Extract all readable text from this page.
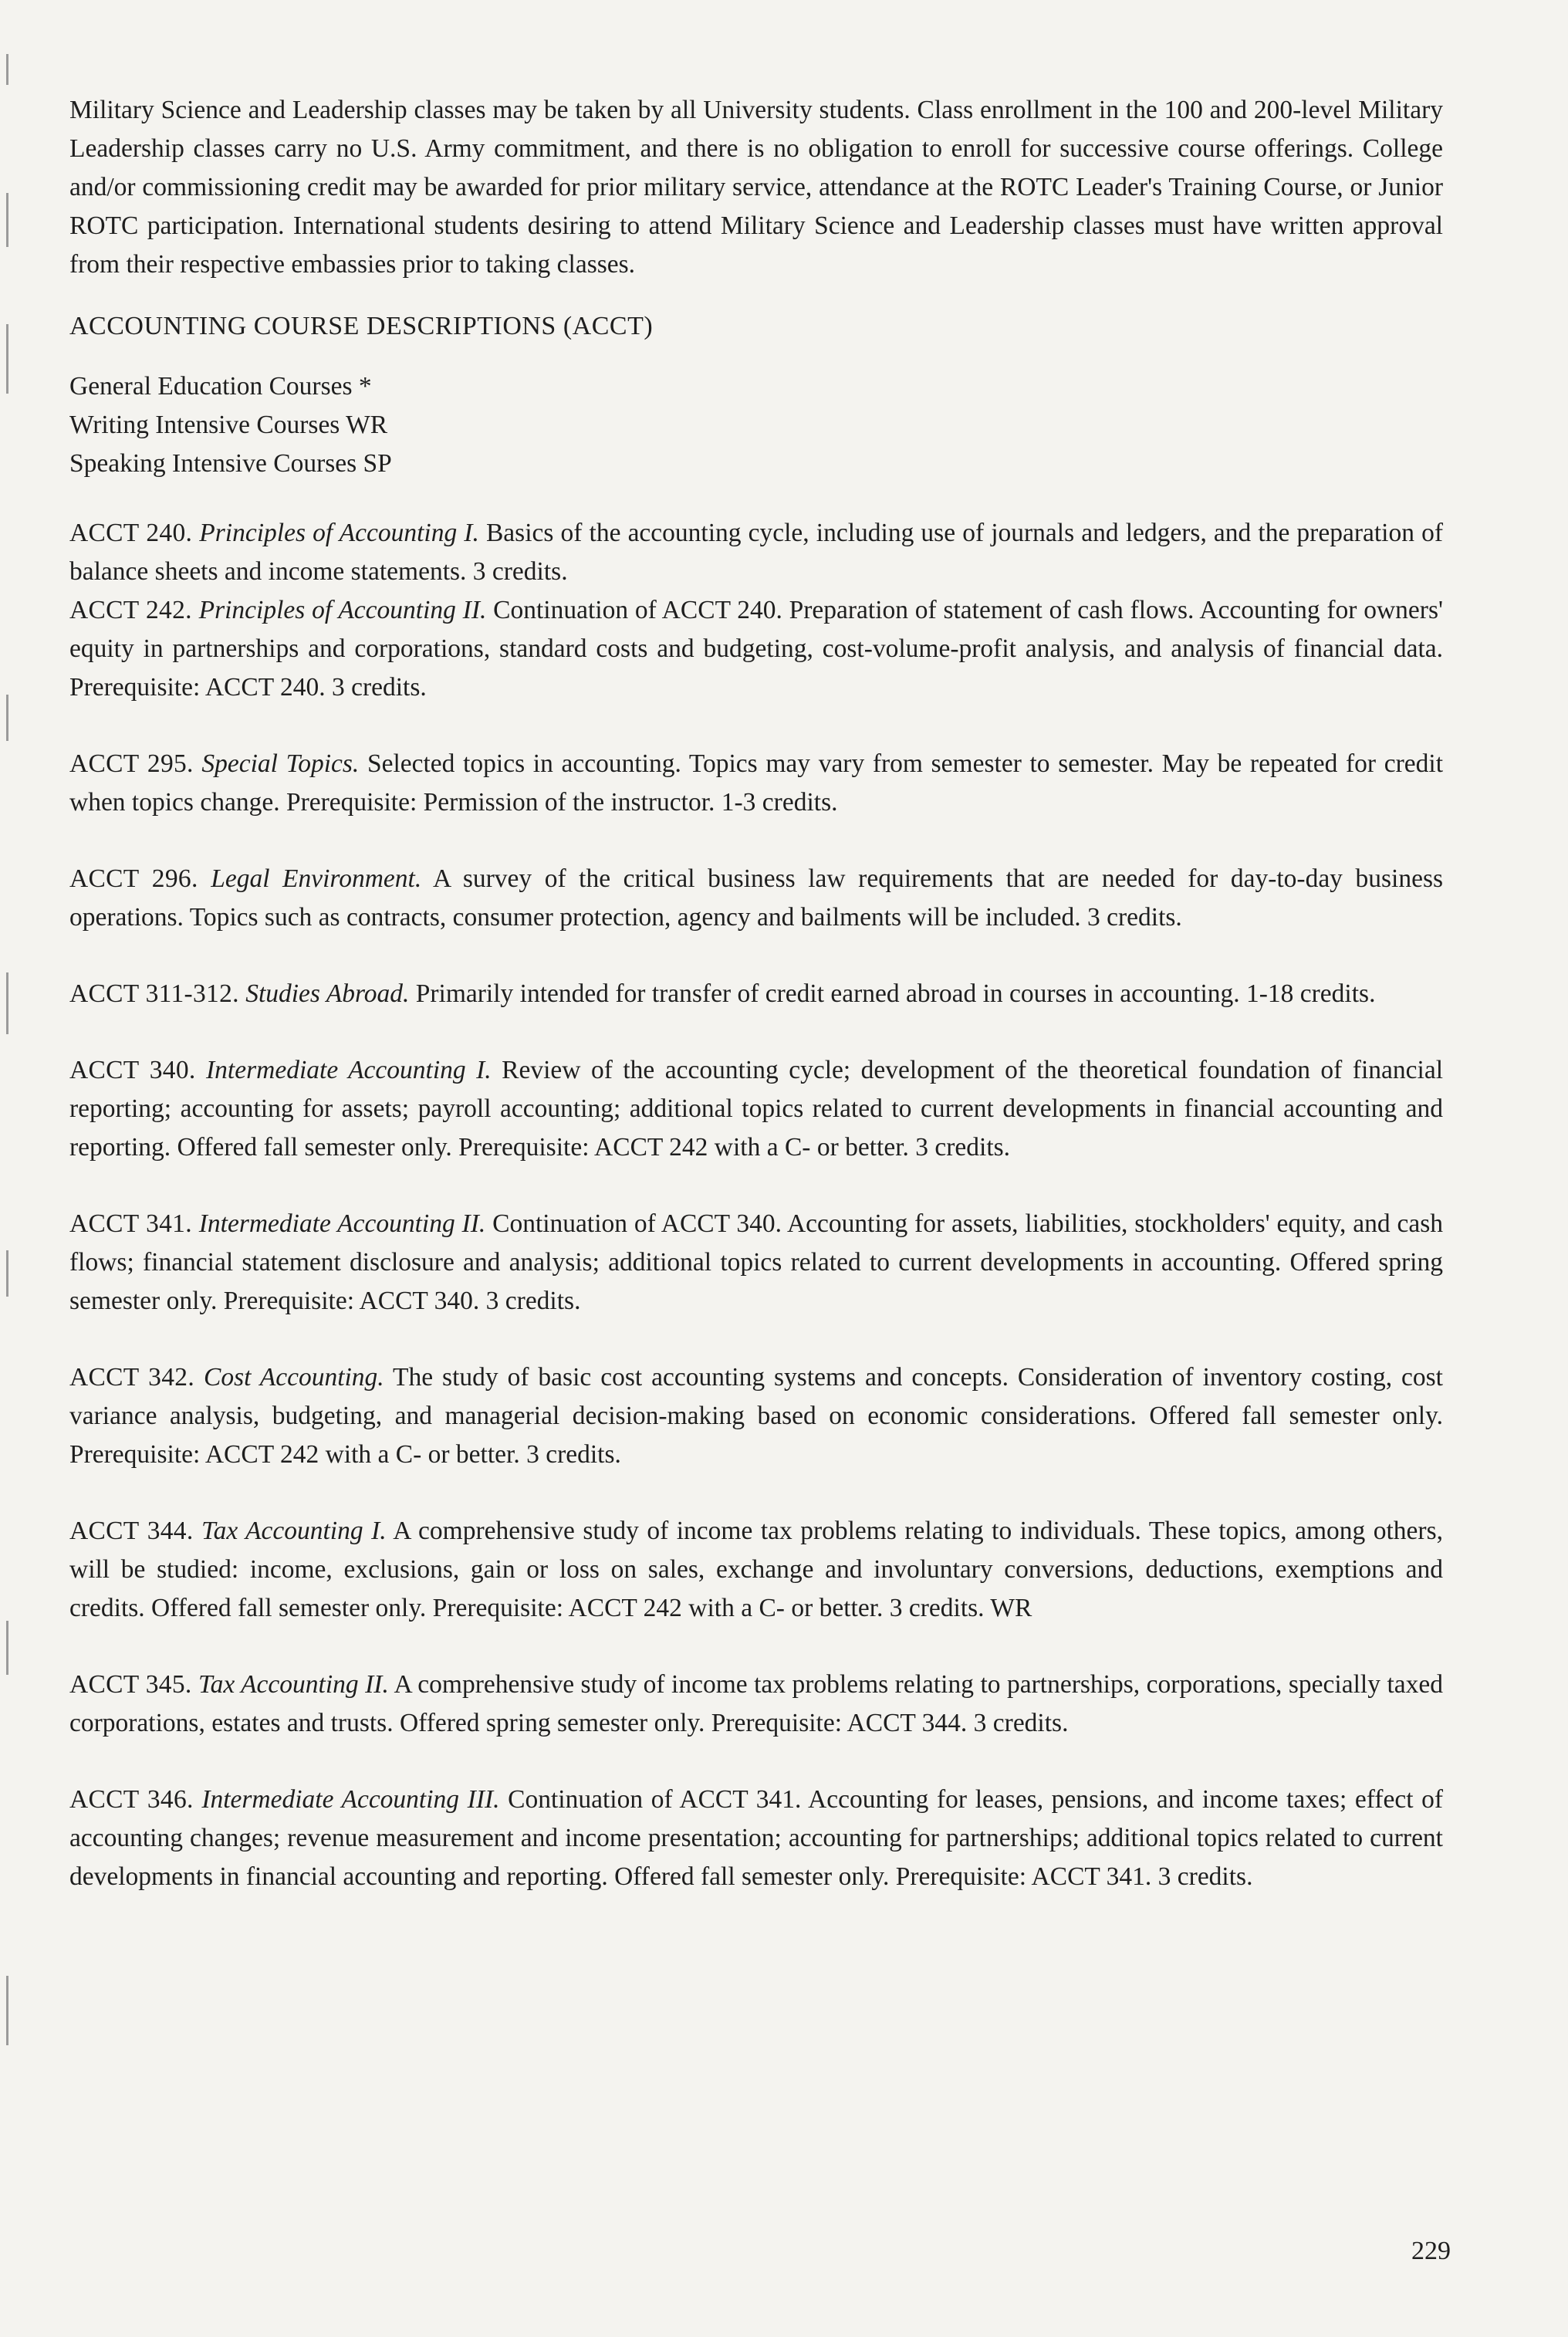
Military Science and Leadership classes may be taken by all University students. Class enrollment in the 100 and 200-level Military Leadership classes carry no U.S. Army commitment, and there is no obligation to enroll for successive course offerings. College and/or commissioning credit may be awarded for prior military service, attendance at the ROTC Leader's Training Course, or Junior ROTC participation. International students desiring to attend Military Science and Leadership classes must have written approval from their respective embassies prior to taking classes.

ACCOUNTING COURSE DESCRIPTIONS (ACCT)
General Education Courses *
Writing Intensive Courses WR
Speaking Intensive Courses SP

ACCT 240. Principles of Accounting I. Basics of the accounting cycle, including use of journals and ledgers, and the preparation of balance sheets and income statements. 3 credits.

ACCT 242. Principles of Accounting II. Continuation of ACCT 240. Preparation of statement of cash flows. Accounting for owners' equity in partnerships and corporations, standard costs and budgeting, cost-volume-profit analysis, and analysis of financial data. Prerequisite: ACCT 240. 3 credits.

ACCT 295. Special Topics. Selected topics in accounting. Topics may vary from semester to semester. May be repeated for credit when topics change. Prerequisite: Permission of the instructor. 1-3 credits.

ACCT 296. Legal Environment. A survey of the critical business law requirements that are needed for day-to-day business operations. Topics such as contracts, consumer protection, agency and bailments will be included. 3 credits.

ACCT 311-312. Studies Abroad. Primarily intended for transfer of credit earned abroad in courses in accounting. 1-18 credits.

ACCT 340. Intermediate Accounting I. Review of the accounting cycle; development of the theoretical foundation of financial reporting; accounting for assets; payroll accounting; additional topics related to current developments in financial accounting and reporting. Offered fall semester only. Prerequisite: ACCT 242 with a C- or better. 3 credits.

ACCT 341. Intermediate Accounting II. Continuation of ACCT 340. Accounting for assets, liabilities, stockholders' equity, and cash flows; financial statement disclosure and analysis; additional topics related to current developments in accounting. Offered spring semester only. Prerequisite: ACCT 340. 3 credits.

ACCT 342. Cost Accounting. The study of basic cost accounting systems and concepts. Consideration of inventory costing, cost variance analysis, budgeting, and managerial decision-making based on economic considerations. Offered fall semester only. Prerequisite: ACCT 242 with a C- or better. 3 credits.

ACCT 344. Tax Accounting I. A comprehensive study of income tax problems relating to individuals. These topics, among others, will be studied: income, exclusions, gain or loss on sales, exchange and involuntary conversions, deductions, exemptions and credits. Offered fall semester only. Prerequisite: ACCT 242 with a C- or better. 3 credits. WR

ACCT 345. Tax Accounting II. A comprehensive study of income tax problems relating to partnerships, corporations, specially taxed corporations, estates and trusts. Offered spring semester only. Prerequisite: ACCT 344. 3 credits.

ACCT 346. Intermediate Accounting III. Continuation of ACCT 341. Accounting for leases, pensions, and income taxes; effect of accounting changes; revenue measurement and income presentation; accounting for partnerships; additional topics related to current developments in financial accounting and reporting. Offered fall semester only. Prerequisite: ACCT 341. 3 credits.

229
